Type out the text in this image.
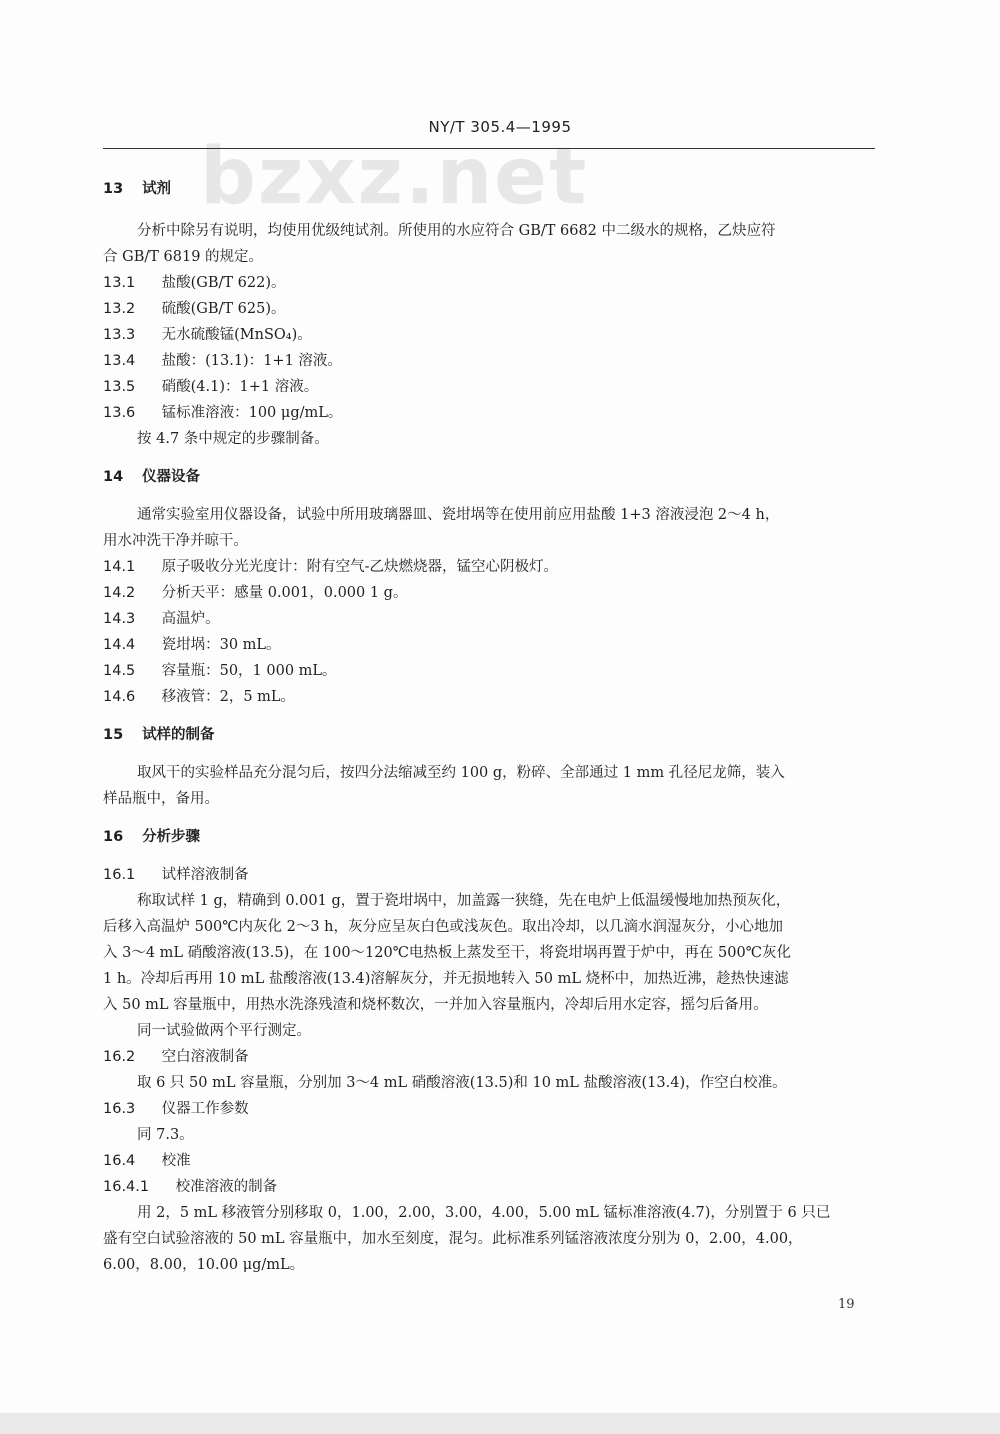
bzxz.net
NY/T 305.4—1995
13 试剂
分析中除另有说明，均使用优级纯试剂。所使用的水应符合 GB/T 6682 中二级水的规格，乙炔应符
合 GB/T 6819 的规定。
13.1 盐酸(GB/T 622)。
13.2 硫酸(GB/T 625)。
13.3 无水硫酸锰(MnSO₄)。
13.4 盐酸：(13.1)：1+1 溶液。
13.5 硝酸(4.1)：1+1 溶液。
13.6 锰标准溶液：100 μg/mL。
按 4.7 条中规定的步骤制备。
14 仪器设备
通常实验室用仪器设备，试验中所用玻璃器皿、瓷坩埚等在使用前应用盐酸 1+3 溶液浸泡 2～4 h，
用水冲洗干净并晾干。
14.1 原子吸收分光光度计：附有空气-乙炔燃烧器，锰空心阴极灯。
14.2 分析天平：感量 0.001，0.000 1 g。
14.3 高温炉。
14.4 瓷坩埚：30 mL。
14.5 容量瓶：50，1 000 mL。
14.6 移液管：2，5 mL。
15 试样的制备
取风干的实验样品充分混匀后，按四分法缩减至约 100 g，粉碎、全部通过 1 mm 孔径尼龙筛，装入
样品瓶中，备用。
16 分析步骤
16.1 试样溶液制备
称取试样 1 g，精确到 0.001 g，置于瓷坩埚中，加盖露一狭缝，先在电炉上低温缓慢地加热预灰化，
后移入高温炉 500℃内灰化 2～3 h，灰分应呈灰白色或浅灰色。取出冷却，以几滴水润湿灰分，小心地加
入 3～4 mL 硝酸溶液(13.5)，在 100～120℃电热板上蒸发至干，将瓷坩埚再置于炉中，再在 500℃灰化
1 h。冷却后再用 10 mL 盐酸溶液(13.4)溶解灰分，并无损地转入 50 mL 烧杯中，加热近沸，趁热快速滤
入 50 mL 容量瓶中，用热水洗涤残渣和烧杯数次，一并加入容量瓶内，冷却后用水定容，摇匀后备用。
同一试验做两个平行测定。
16.2 空白溶液制备
取 6 只 50 mL 容量瓶，分别加 3～4 mL 硝酸溶液(13.5)和 10 mL 盐酸溶液(13.4)，作空白校准。
16.3 仪器工作参数
同 7.3。
16.4 校准
16.4.1 校准溶液的制备
用 2，5 mL 移液管分别移取 0，1.00，2.00，3.00，4.00，5.00 mL 锰标准溶液(4.7)，分别置于 6 只已
盛有空白试验溶液的 50 mL 容量瓶中，加水至刻度，混匀。此标准系列锰溶液浓度分别为 0，2.00，4.00，
6.00，8.00，10.00 μg/mL。
19
